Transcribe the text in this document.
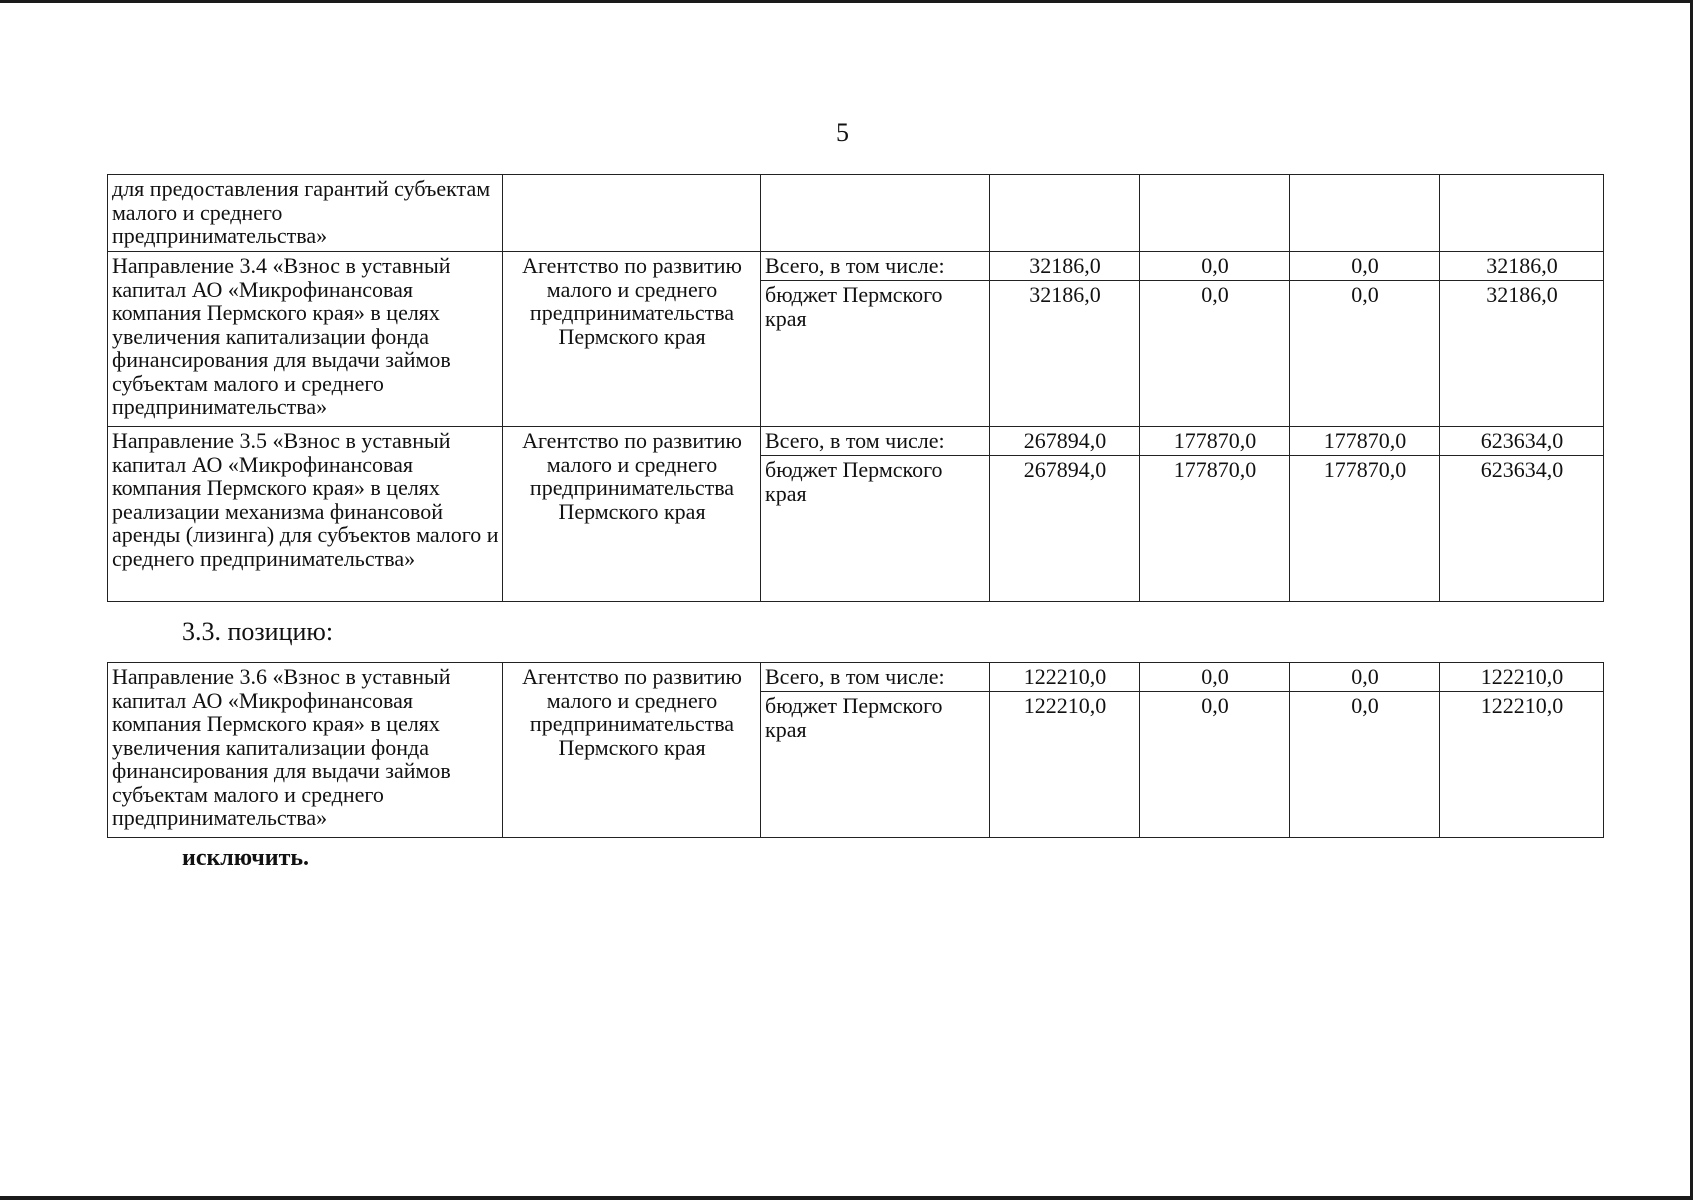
5
для предоставления гарантий субъектам малого и среднего предпринимательства»						
Направление 3.4 «Взнос в уставный капитал АО «Микрофинансовая компания Пермского края» в целях увеличения капитализации фонда финансирования для выдачи займов субъектам малого и среднего предпринимательства»	Агентство по развитию малого и среднего предпринимательства Пермского края	Всего, в том числе:	32186,0	0,0	0,0	32186,0
		бюджет Пермского края	32186,0	0,0	0,0	32186,0
Направление 3.5 «Взнос в уставный капитал АО «Микрофинансовая компания Пермского края» в целях реализации механизма финансовой аренды (лизинга) для субъектов малого и среднего предпринимательства»	Агентство по развитию малого и среднего предпринимательства Пермского края	Всего, в том числе:	267894,0	177870,0	177870,0	623634,0
		бюджет Пермского края	267894,0	177870,0	177870,0	623634,0
3.3. позицию:
Направление 3.6 «Взнос в уставный капитал АО «Микрофинансовая компания Пермского края» в целях увеличения капитализации фонда финансирования для выдачи займов субъектам малого и среднего предпринимательства»	Агентство по развитию малого и среднего предпринимательства Пермского края	Всего, в том числе:	122210,0	0,0	0,0	122210,0
		бюджет Пермского края	122210,0	0,0	0,0	122210,0
исключить.
